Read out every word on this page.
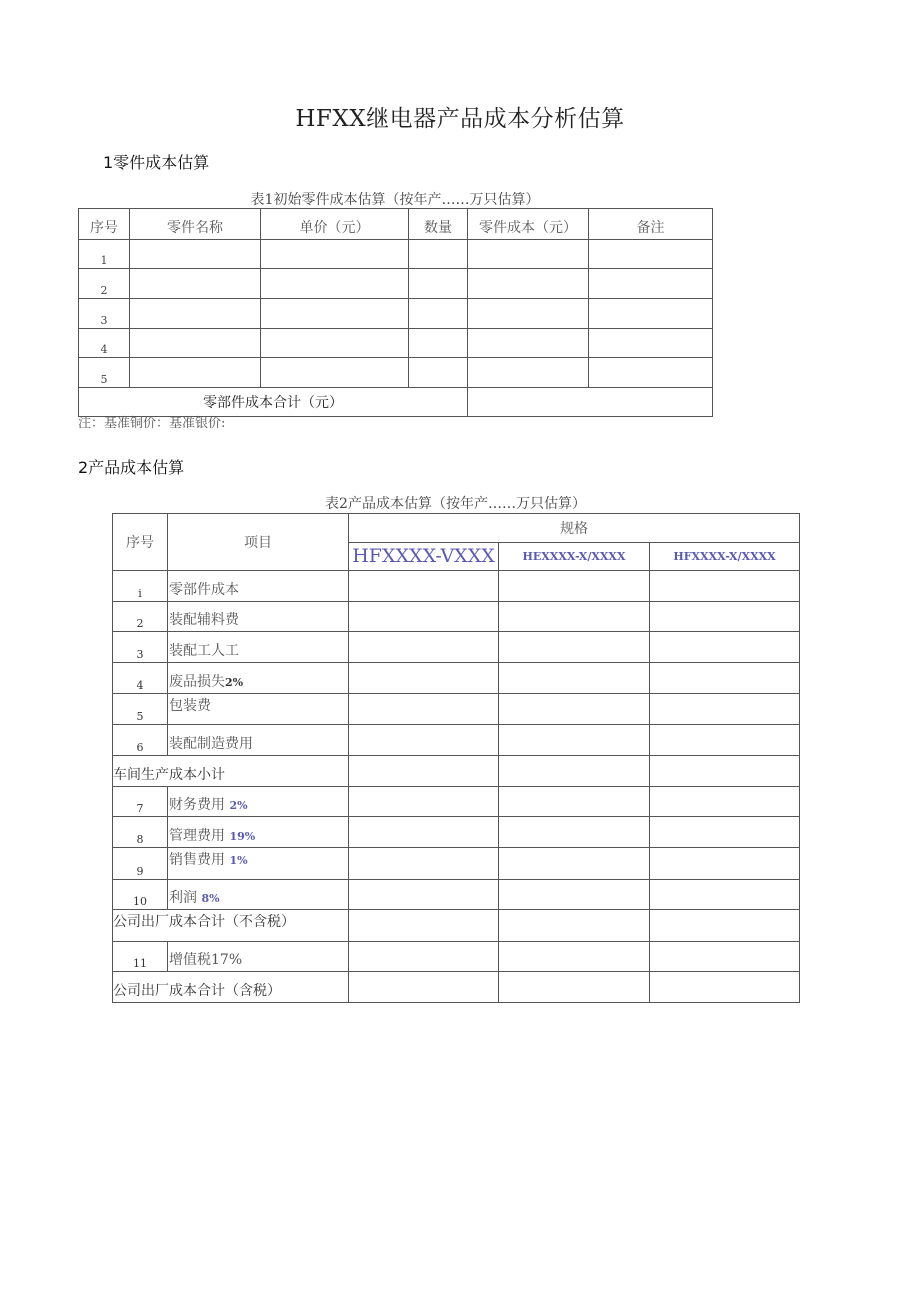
HFXX继电器产品成本分析估算
1零件成本估算
表1初始零件成本估算（按年产……万只估算）
序号	零件名称	单价（元）	数量	零件成本（元）	备注
1					
2					
3					
4					
5					
零部件成本合计（元）					
注：基准铜价：基准银价:
2产品成本估算
表2产品成本估算（按年产……万只估算）
序号	项目	规格		
		HFXXXX-VXXX	HEXXXX-X/XXXX	HFXXXX-X/XXXX
i	零部件成本			
2	装配辅料费			
3	装配工人工			
4	废品损失2%			
5	包装费			
6	装配制造费用			
车间生产成本小计				
7	财务费用 2%			
8	管理费用 19%			
9	销售费用 1%			
10	利润 8%			
公司出厂成本合计（不含税）				
11	增值税17%			
公司出厂成本合计（含税）				
